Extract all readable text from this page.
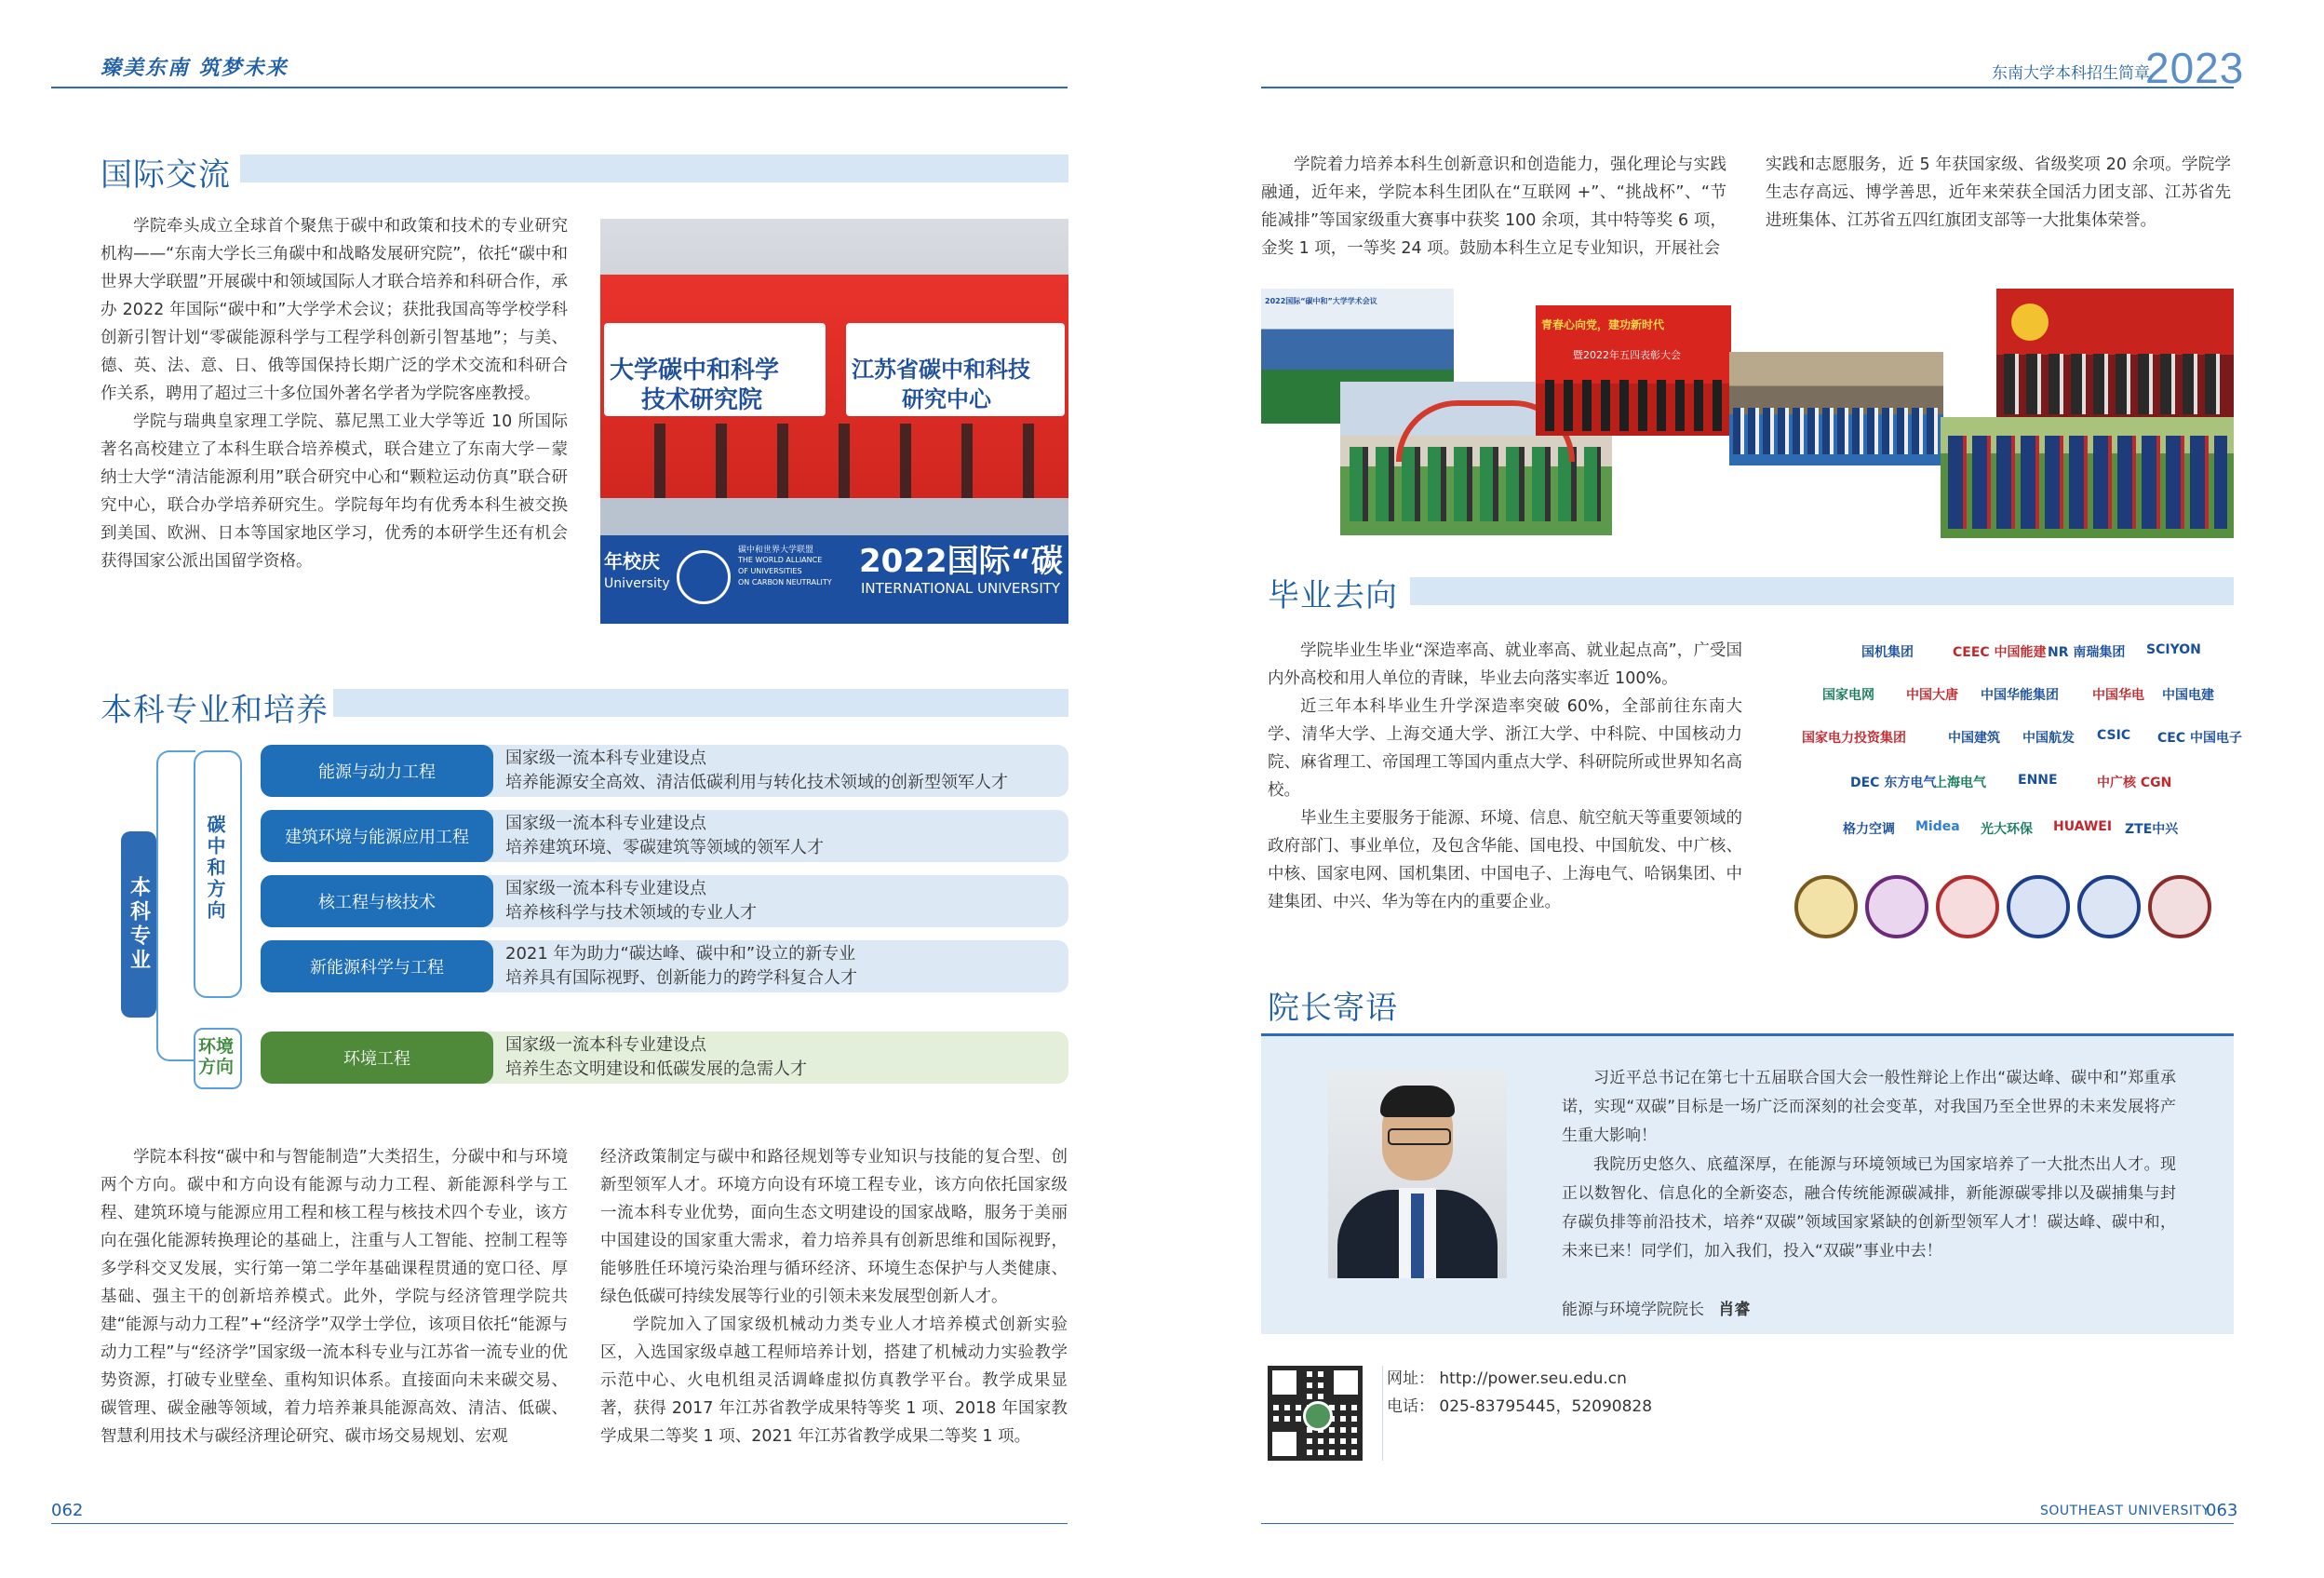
臻美东南 筑梦未来	东南大学本科招生简章
2023
国际交流

学院牵头成立全球首个聚焦于碳中和政策和技术的专业研究机构——“东南大学长三角碳中和战略发展研究院”，依托“碳中和世界大学联盟”开展碳中和领域国际人才联合培养和科研合作，承办 2022 年国际“碳中和”大学学术会议；获批我国高等学校学科创新引智计划“零碳能源科学与工程学科创新引智基地”；与美、德、英、法、意、日、俄等国保持长期广泛的学术交流和科研合作关系，聘用了超过三十多位国外著名学者为学院客座教授。

学院与瑞典皇家理工学院、慕尼黑工业大学等近 10 所国际著名高校建立了本科生联合培养模式，联合建立了东南大学－蒙纳士大学“清洁能源利用”联合研究中心和“颗粒运动仿真”联合研究中心，联合办学培养研究生。学院每年均有优秀本科生被交换到美国、欧洲、日本等国家地区学习，优秀的本研学生还有机会获得国家公派出国留学资格。

大学碳中和科学
技术研究院
江苏省碳中和科技
研究中心
年校庆
University
碳中和世界大学联盟
THE WORLD ALLIANCE
OF UNIVERSITIES
ON CARBON NEUTRALITY
2022国际“碳
INTERNATIONAL UNIVERSITY
本科专业和培养
本科专业
碳中和方向
环境方向
能源与动力工程
国家级一流本科专业建设点
培养能源安全高效、清洁低碳利用与转化技术领域的创新型领军人才
建筑环境与能源应用工程
国家级一流本科专业建设点
培养建筑环境、零碳建筑等领域的领军人才
核工程与核技术
国家级一流本科专业建设点
培养核科学与技术领域的专业人才
新能源科学与工程
2021 年为助力“碳达峰、碳中和”设立的新专业
培养具有国际视野、创新能力的跨学科复合人才
环境工程
国家级一流本科专业建设点
培养生态文明建设和低碳发展的急需人才

学院本科按“碳中和与智能制造”大类招生，分碳中和与环境两个方向。碳中和方向设有能源与动力工程、新能源科学与工程、建筑环境与能源应用工程和核工程与核技术四个专业，该方向在强化能源转换理论的基础上，注重与人工智能、控制工程等多学科交叉发展，实行第一第二学年基础课程贯通的宽口径、厚基础、强主干的创新培养模式。此外，学院与经济管理学院共建“能源与动力工程”+“经济学”双学士学位，该项目依托“能源与动力工程”与“经济学”国家级一流本科专业与江苏省一流专业的优势资源，打破专业壁垒、重构知识体系。直接面向未来碳交易、碳管理、碳金融等领域，着力培养兼具能源高效、清洁、低碳、智慧利用技术与碳经济理论研究、碳市场交易规划、宏观

经济政策制定与碳中和路径规划等专业知识与技能的复合型、创新型领军人才。环境方向设有环境工程专业，该方向依托国家级一流本科专业优势，面向生态文明建设的国家战略，服务于美丽中国建设的国家重大需求，着力培养具有创新思维和国际视野，能够胜任环境污染治理与循环经济、环境生态保护与人类健康、绿色低碳可持续发展等行业的引领未来发展型创新人才。

学院加入了国家级机械动力类专业人才培养模式创新实验区，入选国家级卓越工程师培养计划，搭建了机械动力实验教学示范中心、火电机组灵活调峰虚拟仿真教学平台。教学成果显著，获得 2017 年江苏省教学成果特等奖 1 项、2018 年国家教学成果二等奖 1 项、2021 年江苏省教学成果二等奖 1 项。

学院着力培养本科生创新意识和创造能力，强化理论与实践融通，近年来，学院本科生团队在“互联网 +”、“挑战杯”、“节能减排”等国家级重大赛事中获奖 100 余项，其中特等奖 6 项，金奖 1 项，一等奖 24 项。鼓励本科生立足专业知识，开展社会

实践和志愿服务，近 5 年获国家级、省级奖项 20 余项。学院学生志存高远、博学善思，近年来荣获全国活力团支部、江苏省先进班集体、江苏省五四红旗团支部等一大批集体荣誉。

2022国际“碳中和”大学学术会议
青春心向党，建功新时代
暨2022年五四表彰大会
毕业去向

学院毕业生毕业“深造率高、就业率高、就业起点高”，广受国内外高校和用人单位的青睐，毕业去向落实率近 100%。

近三年本科毕业生升学深造率突破 60%，全部前往东南大学、清华大学、上海交通大学、浙江大学、中科院、中国核动力院、麻省理工、帝国理工等国内重点大学、科研院所或世界知名高校。

毕业生主要服务于能源、环境、信息、航空航天等重要领域的政府部门、事业单位，及包含华能、国电投、中国航发、中广核、中核、国家电网、国机集团、中国电子、上海电气、哈锅集团、中建集团、中兴、华为等在内的重要企业。

国机集团	CEEC 中国能建 NR 南瑞集团 SCIYON
国家电网 中国大唐 中国华能集团	中国华电 中国电建
国家电力投资集团	中国建筑 中国航发 CSIC CEC 中国电子
DEC 东方电气
上海电气 ENNE	中广核 CGN
格力空调 Midea 光大环保 HUAWEI ZTE中兴
院长寄语

习近平总书记在第七十五届联合国大会一般性辩论上作出“碳达峰、碳中和”郑重承诺，实现“双碳”目标是一场广泛而深刻的社会变革，对我国乃至全世界的未来发展将产生重大影响！

我院历史悠久、底蕴深厚，在能源与环境领域已为国家培养了一大批杰出人才。现正以数智化、信息化的全新姿态，融合传统能源碳减排，新能源碳零排以及碳捕集与封存碳负排等前沿技术，培养“双碳”领域国家紧缺的创新型领军人才！碳达峰、碳中和，未来已来！同学们，加入我们，投入“双碳”事业中去！

能源与环境学院院长 肖睿
网址： http://power.seu.edu.cn
电话： 025-83795445，52090828
062	SOUTHEAST UNIVERSITY
063
